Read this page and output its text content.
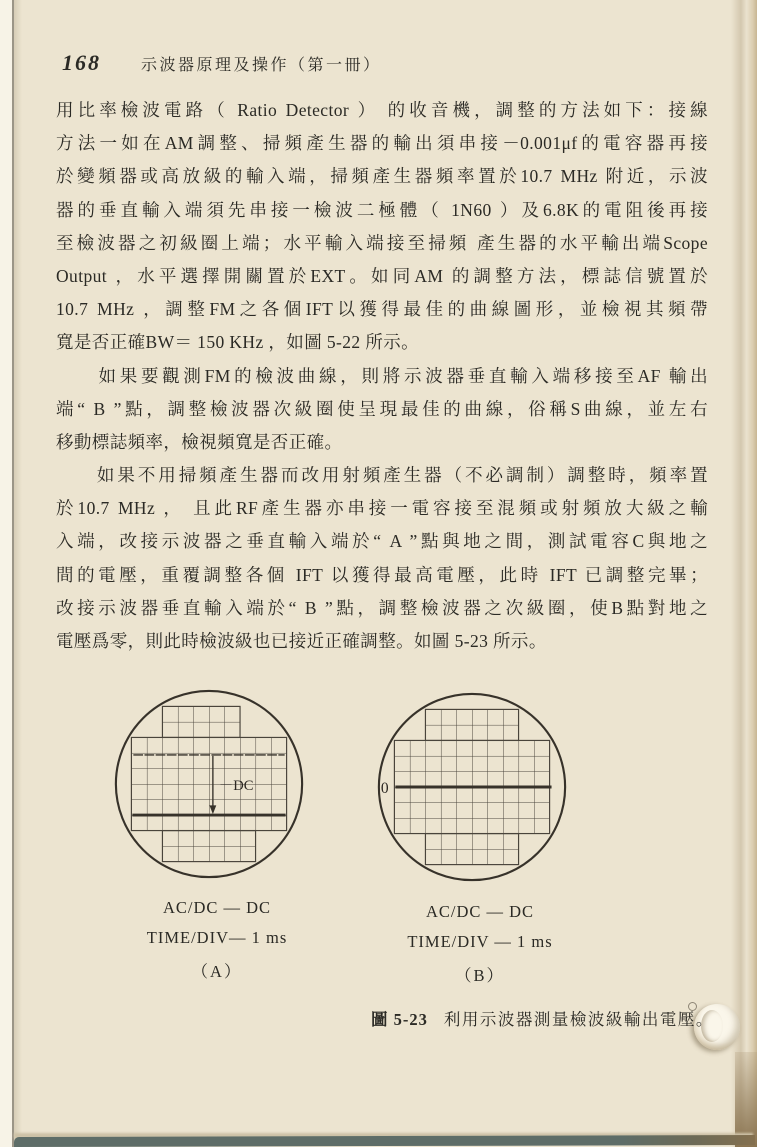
168	示波器原理及操作（第一冊）
用比率檢波電路（ Ratio Detector ） 的收音機，調整的方法如下：接線
方法一如在AM調整、掃頻產生器的輸出須串接－0.001μf的電容器再接
於變頻器或高放級的輸入端，掃頻產生器頻率置於10.7 MHz 附近，示波
器的垂直輸入端須先串接一檢波二極體（ 1N60 ）及6.8K的電阻後再接
至檢波器之初級圈上端；水平輸入端接至掃頻 產生器的水平輸出端Scope
Output ，水平選擇開關置於EXT。如同AM 的調整方法，標誌信號置於
10.7 MHz ，調整FM之各個IFT以獲得最佳的曲線圖形，並檢視其頻帶
寬是否正確BW＝ 150 KHz ，如圖 5-22 所示。
　　如果要觀測FM的檢波曲線，則將示波器垂直輸入端移接至AF 輸出
端“ B ”點，調整檢波器次級圈使呈現最佳的曲線，俗稱S曲線，並左右
移動標誌頻率，檢視頻寬是否正確。
　　如果不用掃頻產生器而改用射頻產生器（不必調制）調整時，頻率置
於10.7 MHz ， 且此RF產生器亦串接一電容接至混頻或射頻放大級之輸
入端，改接示波器之垂直輸入端於“ A ”點與地之間，測試電容C與地之
間的電壓，重覆調整各個 IFT 以獲得最高電壓，此時 IFT 已調整完畢；
改接示波器垂直輸入端於“ B ”點，調整檢波器之次級圈，使B點對地之
電壓爲零，則此時檢波級也已接近正確調整。如圖 5-23 所示。
－DC	0
AC/DC — DC
TIME/DIV— 1 ms
（A）
AC/DC — DC
TIME/DIV — 1 ms
（B）
圖 5-23 利用示波器測量檢波級輸出電壓。
